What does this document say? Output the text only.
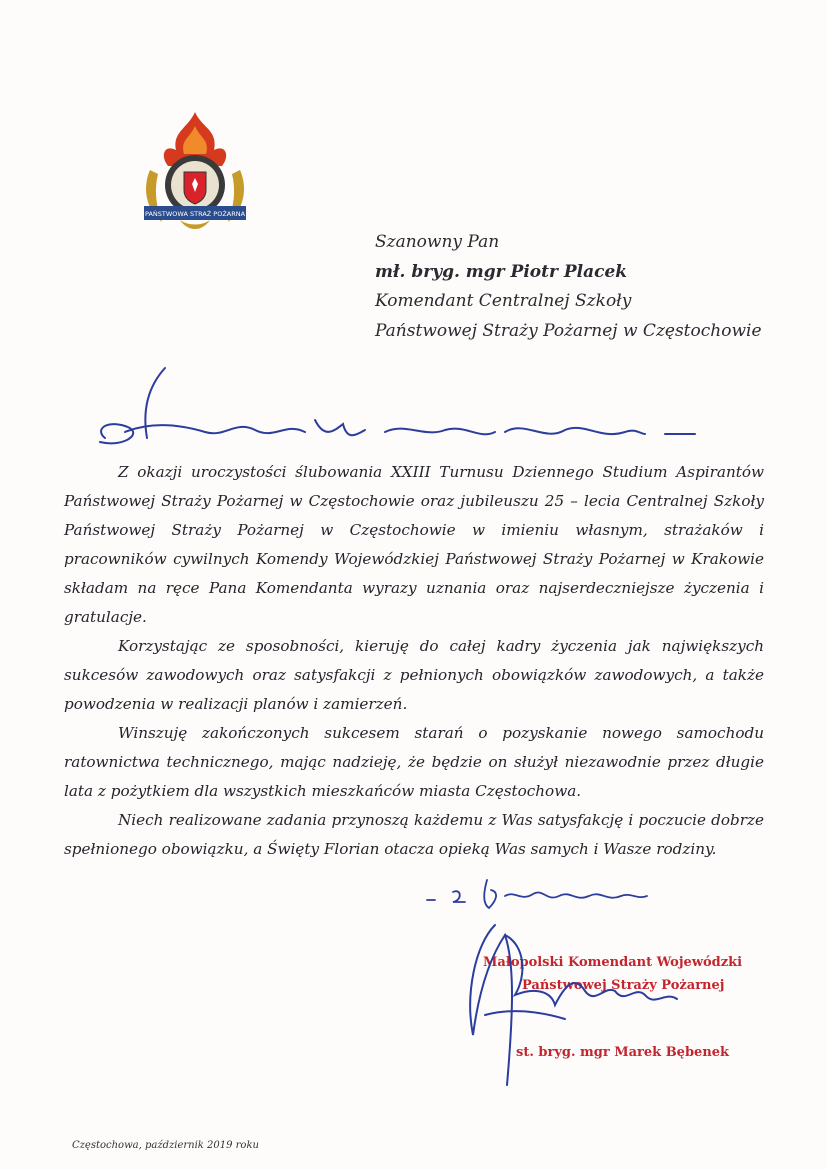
PAŃSTWOWA STRAŻ POŻARNA
Szanowny Pan
mł. bryg. mgr Piotr Placek
Komendant Centralnej Szkoły
Państwowej Straży Pożarnej w Częstochowie

Z okazji uroczystości ślubowania XXIII Turnusu Dziennego Studium Aspirantów Państwowej Straży Pożarnej w Częstochowie oraz jubileuszu 25 – lecia Centralnej Szkoły Państwowej Straży Pożarnej w Częstochowie w imieniu własnym, strażaków i pracowników cywilnych Komendy Wojewódzkiej Państwowej Straży Pożarnej w Krakowie składam na ręce Pana Komendanta wyrazy uznania oraz najserdeczniejsze życzenia i gratulacje.

Korzystając ze sposobności, kieruję do całej kadry życzenia jak największych sukcesów zawodowych oraz satysfakcji z pełnionych obowiązków zawodowych, a także powodzenia w realizacji planów i zamierzeń.

Winszuję zakończonych sukcesem starań o pozyskanie nowego samochodu ratownictwa technicznego, mając nadzieję, że będzie on służył niezawodnie przez długie lata z pożytkiem dla wszystkich mieszkańców miasta Częstochowa.

Niech realizowane zadania przynoszą każdemu z Was satysfakcję i poczucie dobrze spełnionego obowiązku, a Święty Florian otacza opieką Was samych i Wasze rodziny.

Małopolski Komendant Wojewódzki
Państwowej Straży Pożarnej
st. bryg. mgr Marek Bębenek
Częstochowa, październik 2019 roku
